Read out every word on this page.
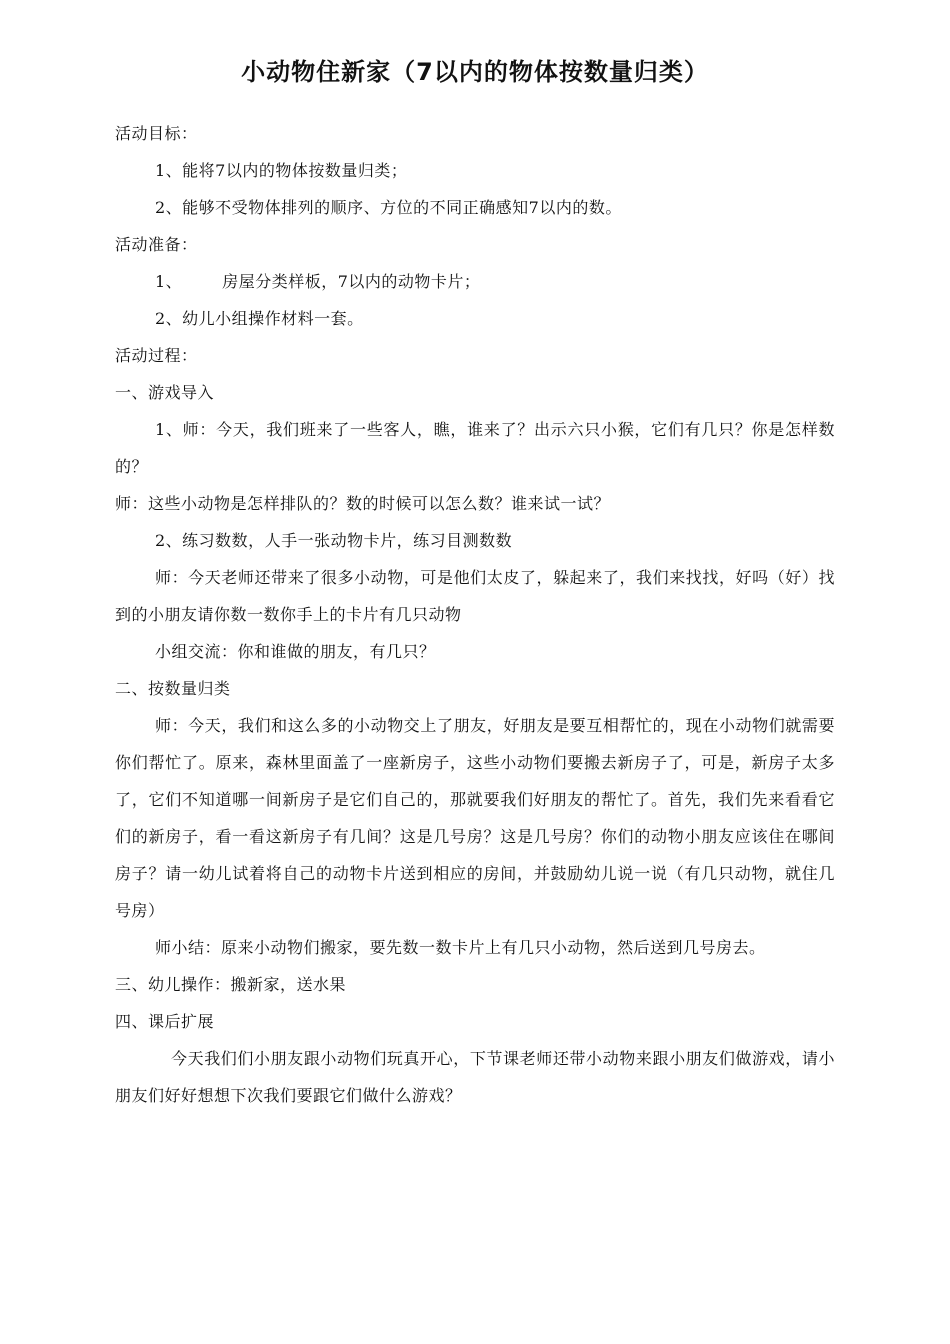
小动物住新家（7以内的物体按数量归类）

活动目标：

1、能将7以内的物体按数量归类；

2、能够不受物体排列的顺序、方位的不同正确感知7以内的数。

活动准备：

1、	房屋分类样板，7以内的动物卡片；

2、幼儿小组操作材料一套。

活动过程：

一、游戏导入

1、师：今天，我们班来了一些客人，瞧，谁来了？出示六只小猴，它们有几只？你是怎样数的？

师：这些小动物是怎样排队的？数的时候可以怎么数？谁来试一试？

2、练习数数，人手一张动物卡片，练习目测数数

师：今天老师还带来了很多小动物，可是他们太皮了，躲起来了，我们来找找，好吗（好）找到的小朋友请你数一数你手上的卡片有几只动物

小组交流：你和谁做的朋友，有几只？

二、按数量归类

师：今天，我们和这么多的小动物交上了朋友，好朋友是要互相帮忙的，现在小动物们就需要你们帮忙了。原来，森林里面盖了一座新房子，这些小动物们要搬去新房子了，可是，新房子太多了，它们不知道哪一间新房子是它们自己的，那就要我们好朋友的帮忙了。首先，我们先来看看它们的新房子，看一看这新房子有几间？这是几号房？这是几号房？你们的动物小朋友应该住在哪间房子？请一幼儿试着将自己的动物卡片送到相应的房间，并鼓励幼儿说一说（有几只动物，就住几号房）

师小结：原来小动物们搬家，要先数一数卡片上有几只小动物，然后送到几号房去。

三、幼儿操作：搬新家，送水果

四、课后扩展

今天我们们小朋友跟小动物们玩真开心，下节课老师还带小动物来跟小朋友们做游戏，请小朋友们好好想想下次我们要跟它们做什么游戏？
